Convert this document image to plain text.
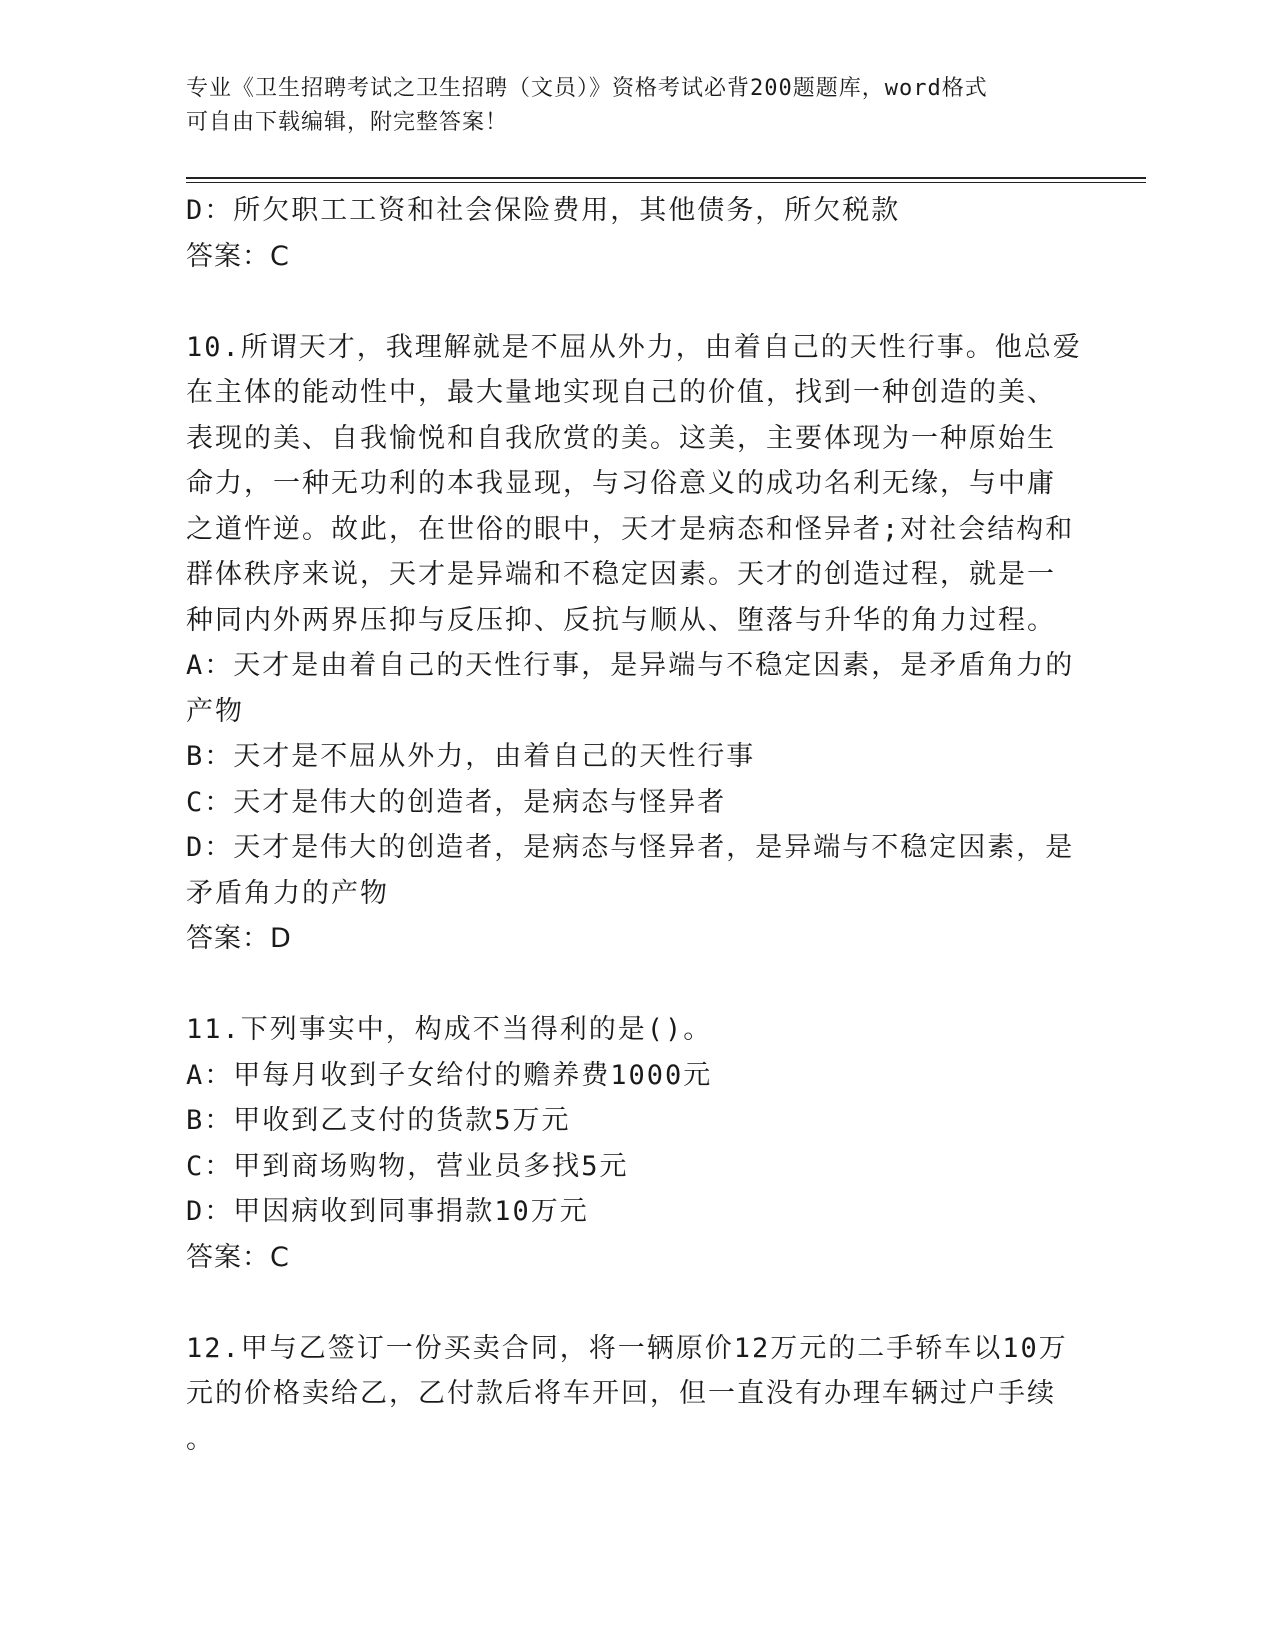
专业《卫生招聘考试之卫生招聘（文员）》资格考试必背200题题库，word格式
可自由下载编辑，附完整答案！
D：所欠职工工资和社会保险费用，其他债务，所欠税款
答案：C
10.所谓天才，我理解就是不屈从外力，由着自己的天性行事。他总爱
在主体的能动性中，最大量地实现自己的价值，找到一种创造的美、
表现的美、自我愉悦和自我欣赏的美。这美，主要体现为一种原始生
命力，一种无功利的本我显现，与习俗意义的成功名利无缘，与中庸
之道忤逆。故此，在世俗的眼中，天才是病态和怪异者;对社会结构和
群体秩序来说，天才是异端和不稳定因素。天才的创造过程，就是一
种同内外两界压抑与反压抑、反抗与顺从、堕落与升华的角力过程。
A：天才是由着自己的天性行事，是异端与不稳定因素，是矛盾角力的
产物
B：天才是不屈从外力，由着自己的天性行事
C：天才是伟大的创造者，是病态与怪异者
D：天才是伟大的创造者，是病态与怪异者，是异端与不稳定因素，是
矛盾角力的产物
答案：D
11.下列事实中，构成不当得利的是()。
A：甲每月收到子女给付的赡养费1000元
B：甲收到乙支付的货款5万元
C：甲到商场购物，营业员多找5元
D：甲因病收到同事捐款10万元
答案：C
12.甲与乙签订一份买卖合同，将一辆原价12万元的二手轿车以10万
元的价格卖给乙，乙付款后将车开回，但一直没有办理车辆过户手续
。
